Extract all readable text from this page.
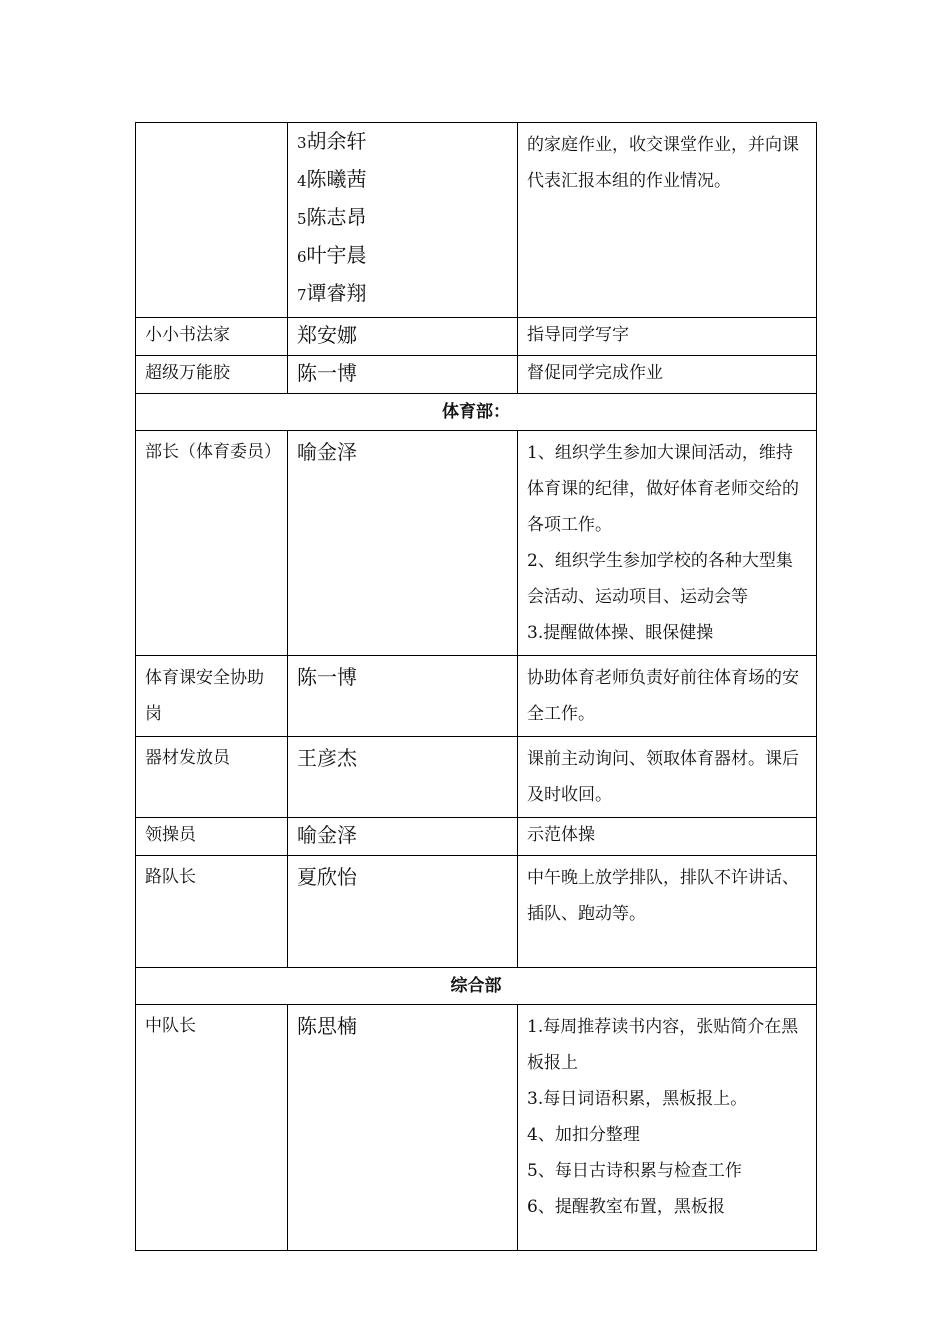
	3胡余轩
4陈曦茜
5陈志昂
6叶宇晨
7谭睿翔	的家庭作业，收交课堂作业，并向课代表汇报本组的作业情况。
小小书法家	郑安娜	指导同学写字
超级万能胶	陈一博	督促同学完成作业
体育部：		
部长（体育委员）	喻金泽	1、组织学生参加大课间活动，维持体育课的纪律，做好体育老师交给的各项工作。

2、组织学生参加学校的各种大型集会活动、运动项目、运动会等

3.提醒做体操、眼保健操

体育课安全协助岗	陈一博	协助体育老师负责好前往体育场的安全工作。
器材发放员	王彦杰	课前主动询问、领取体育器材。课后及时收回。
领操员	喻金泽	示范体操
路队长	夏欣怡	中午晚上放学排队，排队不许讲话、插队、跑动等。
综合部		
中队长	陈思楠	1.每周推荐读书内容，张贴简介在黑板报上

3.每日词语积累，黑板报上。

4、加扣分整理

5、每日古诗积累与检查工作

6、提醒教室布置，黑板报
